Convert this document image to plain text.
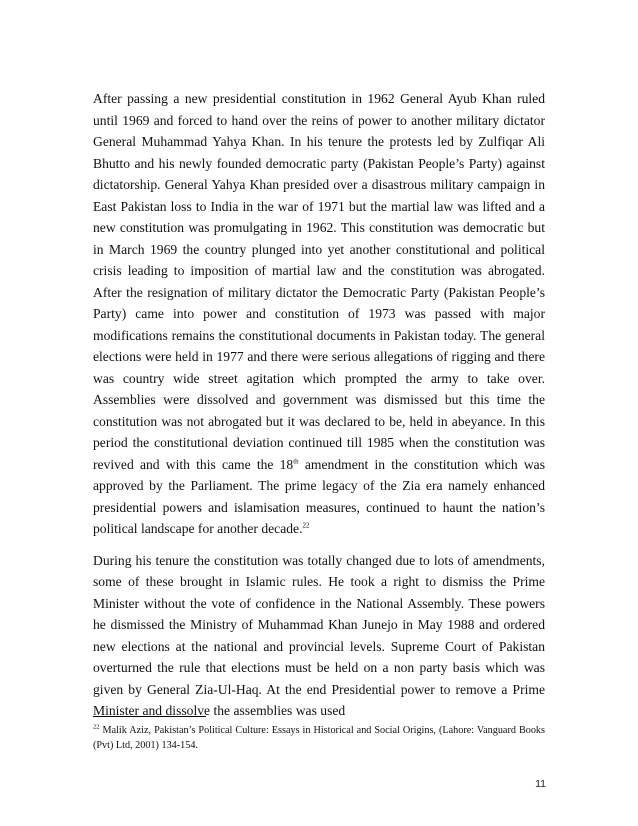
After passing a new presidential constitution in 1962 General Ayub Khan ruled until 1969 and forced to hand over the reins of power to another military dictator General Muhammad Yahya Khan. In his tenure the protests led by Zulfiqar Ali Bhutto and his newly founded democratic party (Pakistan People’s Party) against dictatorship. General Yahya Khan presided over a disastrous military campaign in East Pakistan loss to India in the war of 1971 but the martial law was lifted and a new constitution was promulgating in 1962. This constitution was democratic but in March 1969 the country plunged into yet another constitutional and political crisis leading to imposition of martial law and the constitution was abrogated. After the resignation of military dictator the Democratic Party (Pakistan People’s Party) came into power and constitution of 1973 was passed with major modifications remains the constitutional documents in Pakistan today. The general elections were held in 1977 and there were serious allegations of rigging and there was country wide street agitation which prompted the army to take over. Assemblies were dissolved and government was dismissed but this time the constitution was not abrogated but it was declared to be, held in abeyance. In this period the constitutional deviation continued till 1985 when the constitution was revived and with this came the 18th amendment in the constitution which was approved by the Parliament. The prime legacy of the Zia era namely enhanced presidential powers and islamisation measures, continued to haunt the nation’s political landscape for another decade.$^{22}$

During his tenure the constitution was totally changed due to lots of amendments, some of these brought in Islamic rules. He took a right to dismiss the Prime Minister without the vote of confidence in the National Assembly. These powers he dismissed the Ministry of Muhammad Khan Junejo in May 1988 and ordered new elections at the national and provincial levels. Supreme Court of Pakistan overturned the rule that elections must be held on a non party basis which was given by General Zia-Ul-Haq. At the end Presidential power to remove a Prime Minister and dissolve the assemblies was used

$^{22}$ Malik Aziz, Pakistan’s Political Culture: Essays in Historical and Social Origins, (Lahore: Vanguard Books (Pvt) Ltd, 2001) 134-154.
11
